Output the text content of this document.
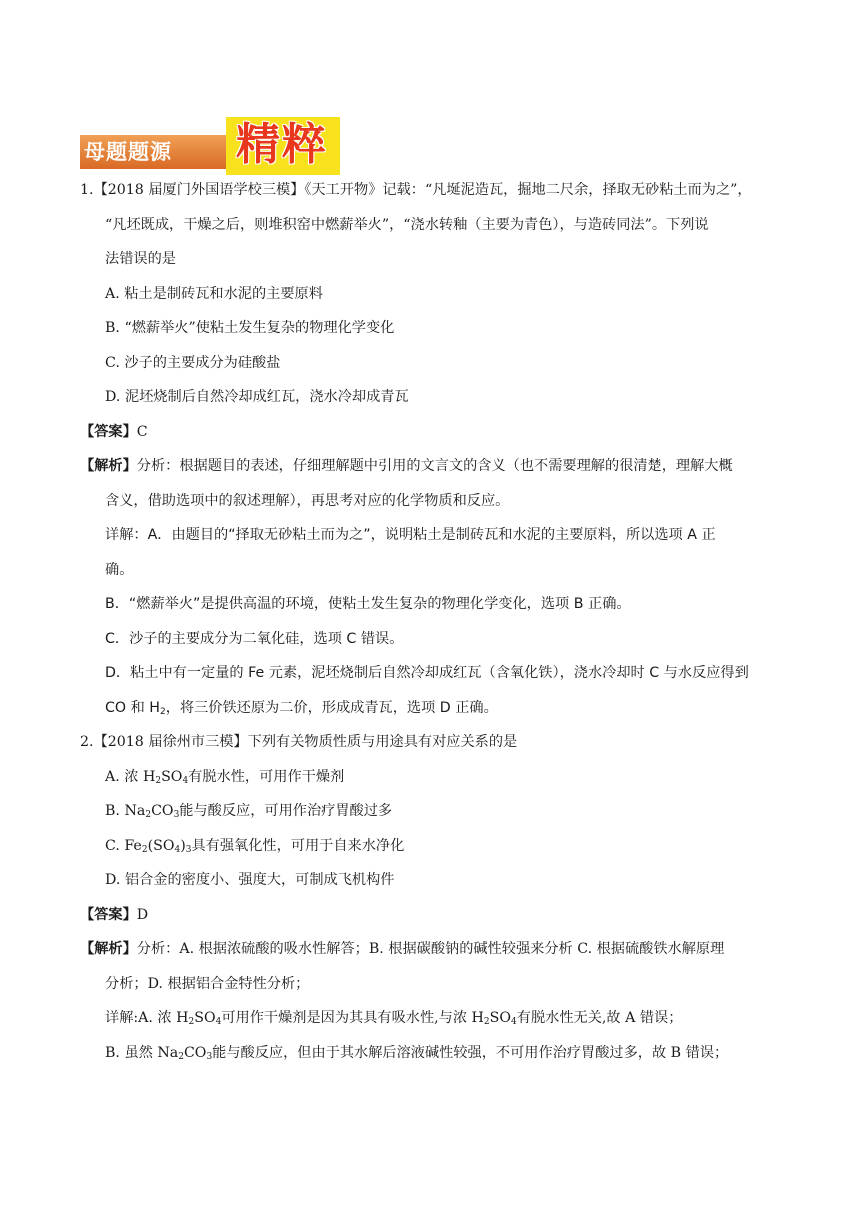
母题题源	精粹
1.【2018 届厦门外国语学校三模】《天工开物》记载：“凡埏泥造瓦，掘地二尺余，择取无砂粘土而为之”，
“凡坯既成，干燥之后，则堆积窑中燃薪举火”，“浇水转釉（主要为青色），与造砖同法”。下列说
法错误的是
A. 粘土是制砖瓦和水泥的主要原料
B. “燃薪举火”使粘土发生复杂的物理化学变化
C. 沙子的主要成分为硅酸盐
D. 泥坯烧制后自然冷却成红瓦，浇水冷却成青瓦
【答案】C
【解析】分析：根据题目的表述，仔细理解题中引用的文言文的含义（也不需要理解的很清楚，理解大概
含义，借助选项中的叙述理解），再思考对应的化学物质和反应。
详解：A．由题目的“择取无砂粘土而为之”，说明粘土是制砖瓦和水泥的主要原料，所以选项 A 正
确。
B．“燃薪举火”是提供高温的环境，使粘土发生复杂的物理化学变化，选项 B 正确。
C．沙子的主要成分为二氧化硅，选项 C 错误。
D．粘土中有一定量的 Fe 元素，泥坯烧制后自然冷却成红瓦（含氧化铁），浇水冷却时 C 与水反应得到
CO 和 $H_2$，将三价铁还原为二价，形成成青瓦，选项 D 正确。
2.【2018 届徐州市三模】下列有关物质性质与用途具有对应关系的是
A. 浓 $H_2SO_4$有脱水性，可用作干燥剂
B. $Na_2CO_3$能与酸反应，可用作治疗胃酸过多
C. $Fe_2(SO_4)_3$具有强氧化性，可用于自来水净化
D. 铝合金的密度小、强度大，可制成飞机构件
【答案】D
【解析】分析：A. 根据浓硫酸的吸水性解答；B. 根据碳酸钠的碱性较强来分析 C. 根据硫酸铁水解原理
分析；D. 根据铝合金特性分析；
详解:A. 浓 $H_2SO_4$可用作干燥剂是因为其具有吸水性,与浓 $H_2SO_4$有脱水性无关,故 A 错误；
B. 虽然 $Na_2CO_3$能与酸反应，但由于其水解后溶液碱性较强，不可用作治疗胃酸过多，故 B 错误；
